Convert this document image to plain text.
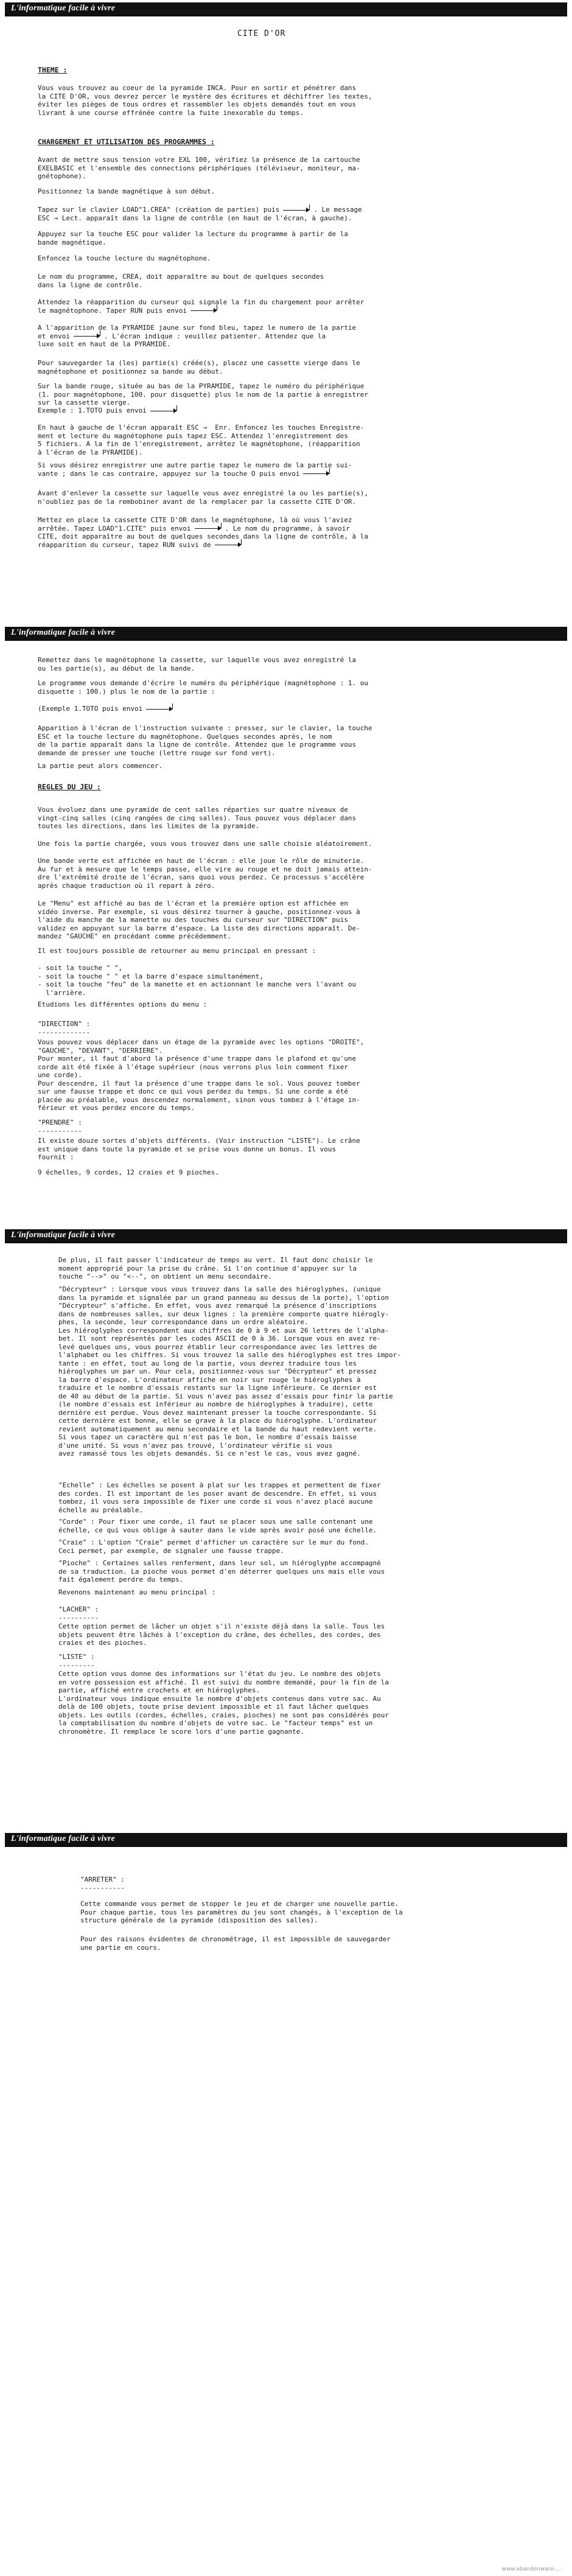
L'informatique facile à vivre
CITE D'OR
THEME :
Vous vous trouvez au coeur de la pyramide INCA. Pour en sortir et pénétrer dans
la CITE D'OR, vous devrez percer le mystère des écritures et déchiffrer les textes,
éviter les pièges de tous ordres et rassembler les objets demandés tout en vous
livrant à une course effrénée contre la fuite inexorable du temps.
CHARGEMENT ET UTILISATION DES PROGRAMMES :
Avant de mettre sous tension votre EXL 100, vérifiez la présence de la cartouche
EXELBASIC et l'ensemble des connections périphériques (téléviseur, moniteur, ma-
gnétophone).
Positionnez la bande magnétique à son début.
Tapez sur le clavier LOAD"1.CREA" (création de parties) puis	. Le message
ESC → Lect. apparaît dans la ligne de contrôle (en haut de l'écran, à gauche).
Appuyez sur la touche ESC pour valider la lecture du programme à partir de la
bande magnétique.
Enfoncez la touche lecture du magnétophone.
Le nom du programme, CREA, doit apparaître au bout de quelques secondes
dans la ligne de contrôle.
Attendez la réapparition du curseur qui signale la fin du chargement pour arrêter
le magnétophone. Taper RUN puis envoi
A l'apparition de la PYRAMIDE jaune sur fond bleu, tapez le numero de la partie
et envoi	. L'écran indique : veuillez patienter. Attendez que la
luxe soit en haut de la PYRAMIDE.
Pour sauvegarder la (les) partie(s) créée(s), placez une cassette vierge dans le
magnétophone et positionnez sa bande au début.
Sur la bande rouge, située au bas de la PYRAMIDE, tapez le numéro du périphérique
(1. pour magnétophone, 100. pour disquette) plus le nom de la partie à enregistrer
sur la cassette vierge.
Exemple : 1.TOTO puis envoi
En haut à gauche de l'écran apparaît ESC →  Enr. Enfoncez les touches Enregistre-
ment et lecture du magnétophone puis tapez ESC. Attendez l'enregistrement des
5 fichiers. A la fin de l'enregistrement, arrêtez le magnétophone, (réapparition
à l'écran de la PYRAMIDE).
Si vous désirez enregistrer une autre partie tapez le numero de la partie sui-
vante ; dans le cas contraire, appuyez sur la touche O puis envoi
Avant d'enlever la cassette sur laquelle vous avez enregistré la ou les partie(s),
n'oubliez pas de la rembobiner avant de la remplacer par la cassette CITE D'OR.
Mettez en place la cassette CITE D'OR dans le magnétophone, là où vous l'aviez
arrêtée. Tapez LOAD"1.CITE" puis envoi	. Le nom du programme, à savoir
CITE, doit apparaître au bout de quelques secondes dans la ligne de contrôle, à la
réapparition du curseur, tapez RUN suivi de
L'informatique facile à vivre
Remettez dans le magnétophone la cassette, sur laquelle vous avez enregistré la
ou les partie(s), au début de la bande.
Le programme vous demande d'écrire le numéro du périphérique (magnétophone : 1. ou
disquette : 100.) plus le nom de la partie :
(Exemple 1.TOTO puis envoi
Apparition à l'écran de l'instruction suivante : pressez, sur le clavier, la touche
ESC et la touche lecture du magnétophone. Quelques secondes après, le nom
de la partie apparaît dans la ligne de contrôle. Attendez que le programme vous
demande de presser une touche (lettre rouge sur fond vert).
La partie peut alors commencer.
REGLES DU JEU :
Vous évoluez dans une pyramide de cent salles réparties sur quatre niveaux de
vingt-cinq salles (cinq rangées de cinq salles). Tous pouvez vous déplacer dans
toutes les directions, dans les limites de la pyramide.
Une fois la partie chargée, vous vous trouvez dans une salle choisie aléatoirement.
Une bande verte est affichée en haut de l'écran : elle joue le rôle de minuterie.
Au fur et à mesure que le temps passe, elle vire au rouge et ne doit jamais attein-
dre l'extrémité droite de l'écran, sans quoi vous perdez. Ce processus s'accélère
après chaque traduction où il repart à zéro.
Le "Menu" est affiché au bas de l'écran et la première option est affichée en
vidéo inverse. Par exemple, si vous désirez tourner à gauche, positionnez-vous à
l'aide du manche de la manette ou des touches du curseur sur "DIRECTION" puis
validez en appuyant sur la barre d'espace. La liste des directions apparaît. De-
mandez "GAUCHE" en procédant comme précédemment.
Il est toujours possible de retourner au menu principal en pressant :
- soit la touche " ",
- soit la touche " " et la barre d'espace simultanément,
- soit la touche "feu" de la manette et en actionnant le manche vers l'avant ou
l'arrière.
Etudions les différentes options du menu :
"DIRECTION" :
-------------
Vous pouvez vous déplacer dans un étage de la pyramide avec les options "DROITE",
"GAUCHE", "DEVANT", "DERRIERE".
Pour monter, il faut d'abord la présence d'une trappe dans le plafond et qu'une
corde ait été fixée à l'étage supérieur (nous verrons plus loin comment fixer
une corde).
Pour descendre, il faut la présence d'une trappe dans le sol. Vous pouvez tomber
sur une fausse trappe et donc ce qui vous perdez du temps. Si une corde a été
placée au préalable, vous descendez normalement, sinon vous tombez à l'étage in-
férieur et vous perdez encore du temps.
"PRENDRE" :
-----------
Il existe douze sortes d'objets différents. (Voir instruction "LISTE"). Le crâne
est unique dans toute la pyramide et se prise vous donne un bonus. Il vous
fournit :
9 échelles, 9 cordes, 12 craies et 9 pioches.
L'informatique facile à vivre
De plus, il fait passer l'indicateur de temps au vert. Il faut donc choisir le
moment approprié pour la prise du crâne. Si l'on continue d'appuyer sur la
touche "-->" ou "<--", on obtient un menu secondaire.
"Décrypteur" : Lorsque vous vous trouvez dans la salle des hiéroglyphes, (unique
dans la pyramide et signalée par un grand panneau au dessus de la porte), l'option
"Décrypteur" s'affiche. En effet, vous avez remarqué la présence d'inscriptions
dans de nombreuses salles, sur deux lignes : la première comporte quatre hiérogly-
phes, la seconde, leur correspondance dans un ordre aléatoire.
Les hiéroglyphes correspondent aux chiffres de 0 à 9 et aux 26 lettres de l'alpha-
bet. Il sont représentés par les codes ASCII de 0 à 36. Lorsque vous en avez re-
levé quelques uns, vous pourrez établir leur correspondance avec les lettres de
l'alphabet ou les chiffres. Si vous trouvez la salle des hiéroglyphes est tres impor-
tante : en effet, tout au long de la partie, vous devrez traduire tous les
hiéroglyphes un par un. Pour cela, positionnez-vous sur "Décrypteur" et pressez
la barre d'espace. L'ordinateur affiche en noir sur rouge le hiéroglyphes à
traduire et le nombre d'essais restants sur la ligne inférieure. Ce dernier est
de 40 au début de la partie. Si vous n'avez pas assez d'essais pour finir la partie
(le nombre d'essais est inférieur au nombre de hiéroglyphes à traduire), cette
dernière est perdue. Vous devez maintenant presser la touche correspondante. Si
cette dernière est bonne, elle se grave à la place du hiéroglyphe. L'ordinateur
revient automatiquement au menu secondaire et la bande du haut redevient verte.
Si vous tapez un caractère qui n'est pas le bon, le nombre d'essais baisse
d'une unité. Si vous n'avez pas trouvé, l'ordinateur vérifie si vous
avez ramassé tous les objets demandés. Si ce n'est le cas, vous avez gagné.
"Echelle" : Les échelles se posent à plat sur les trappes et permettent de fixer
des cordes. Il est important de les poser avant de descendre. En effet, si vous
tombez, il vous sera impossible de fixer une corde si vous n'avez placé aucune
échelle au préalable.
"Corde" : Pour fixer une corde, il faut se placer sous une salle contenant une
échelle, ce qui vous oblige à sauter dans le vide après avoir posé une échelle.
"Craie" : L'option "Craie" permet d'afficher un caractère sur le mur du fond.
Ceci permet, par exemple, de signaler une fausse trappe.
"Pioche" : Certaines salles renferment, dans leur sol, un hiéroglyphe accompagné
de sa traduction. La pioche vous permet d'en déterrer quelques uns mais elle vous
fait également perdre du temps.
Revenons maintenant au menu principal :
"LACHER" :
----------
Cette option permet de lâcher un objet s'il n'existe déjà dans la salle. Tous les
objets peuvent être lâchés à l'exception du crâne, des échelles, des cordes, des
craies et des pioches.
"LISTE" :
---------
Cette option vous donne des informations sur l'état du jeu. Le nombre des objets
en votre possession est affiché. Il est suivi du nombre demandé, pour la fin de la
partie, affiché entre crochets et en hiéroglyphes.
L'ordinateur vous indique ensuite le nombre d'objets contenus dans votre sac. Au
delà de 100 objets, toute prise devient impossible et il faut lâcher quelques
objets. Les outils (cordes, échelles, craies, pioches) ne sont pas considérés pour
la comptabilisation du nombre d'objets de votre sac. Le "facteur temps" est un
chronomètre. Il remplace le score lors d'une partie gagnante.
L'informatique facile à vivre
"ARRETER" :
-----------
Cette commande vous permet de stopper le jeu et de charger une nouvelle partie.
Pour chaque partie, tous les paramètres du jeu sont changés, à l'exception de la
structure générale de la pyramide (disposition des salles).
Pour des raisons évidentes de chronométrage, il est impossible de sauvegarder
une partie en cours.
www.abandonware-…
